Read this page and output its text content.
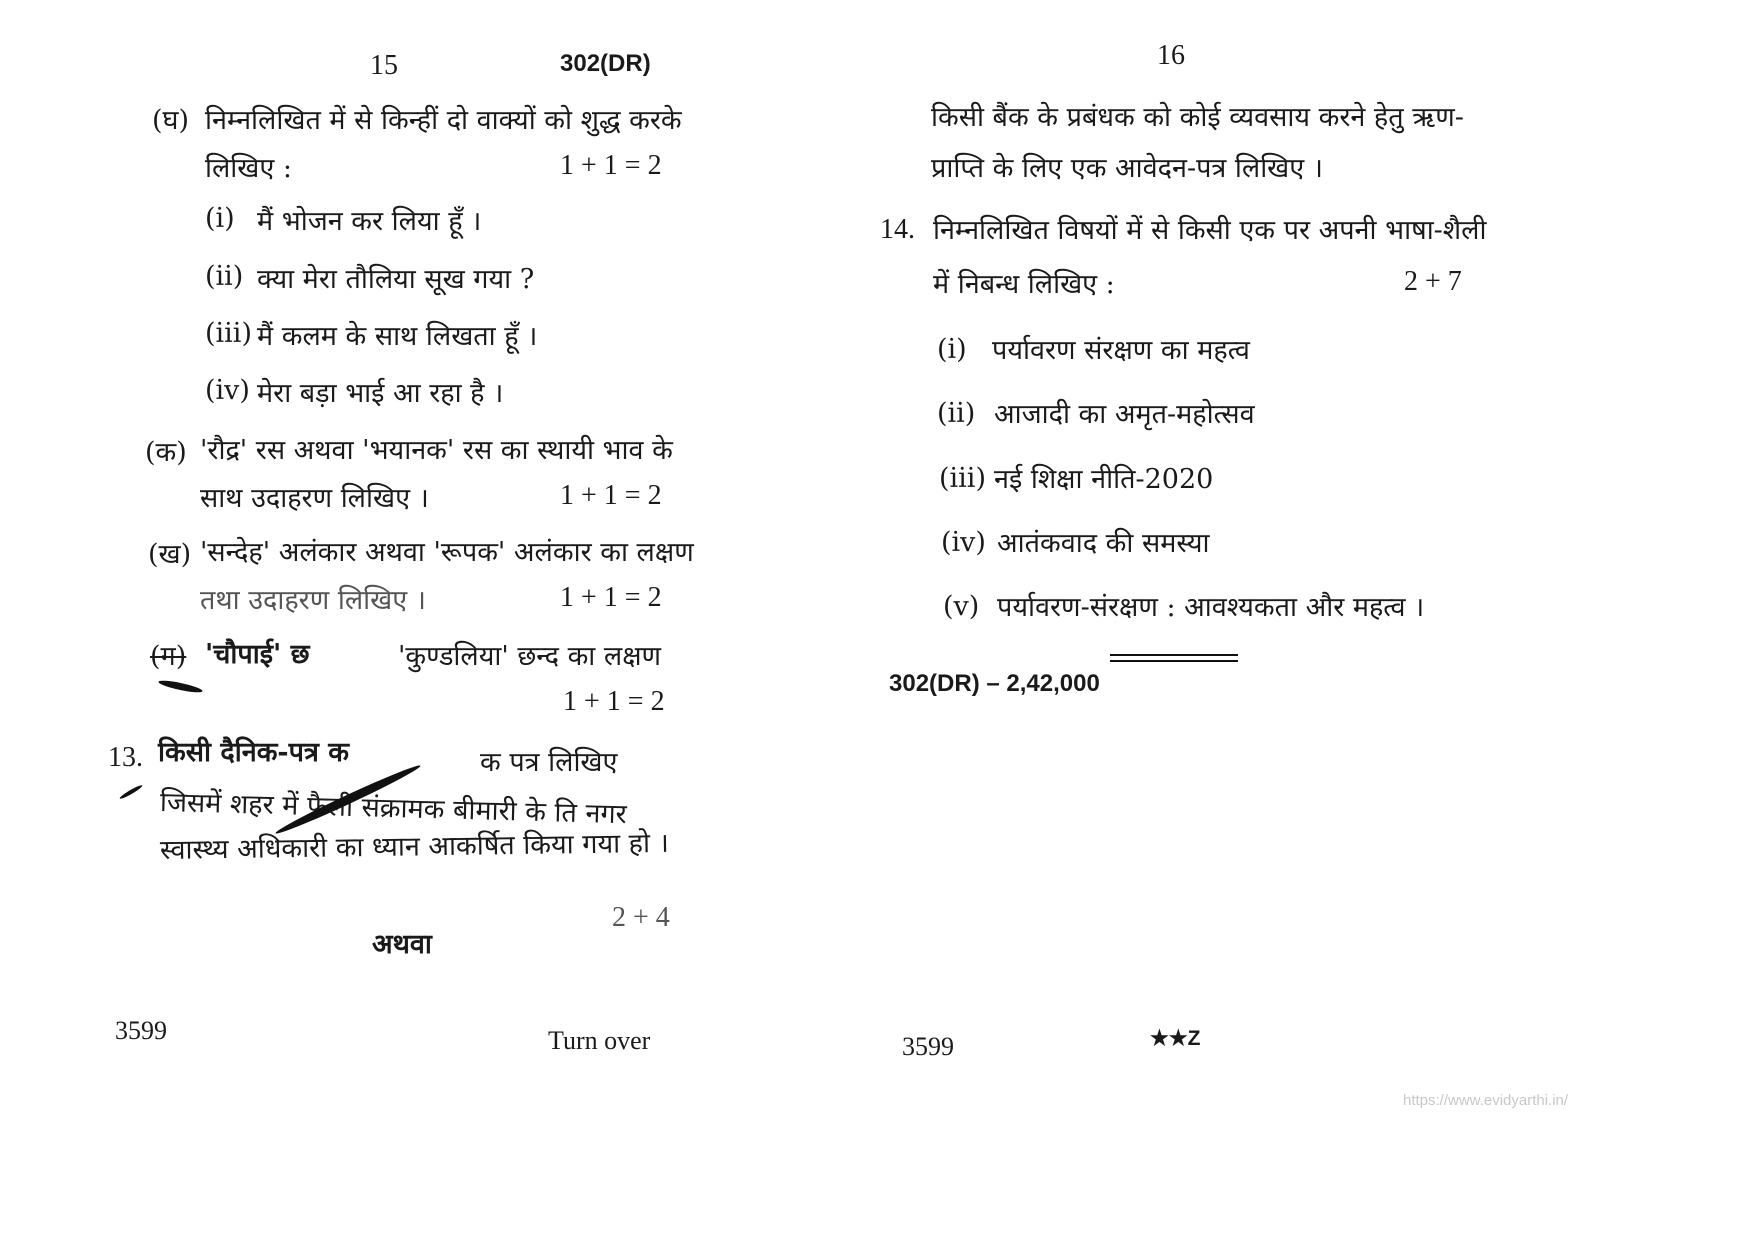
15	302(DR)
(घ) निम्नलिखित में से किन्हीं दो वाक्यों को शुद्ध करके
लिखिए :	1 + 1 = 2
(i) मैं भोजन कर लिया हूँ ।
(ii) क्या मेरा तौलिया सूख गया ?
(iii) मैं कलम के साथ लिखता हूँ ।
(iv) मेरा बड़ा भाई आ रहा है ।
(क) 'रौद्र' रस अथवा 'भयानक' रस का स्थायी भाव के
साथ उदाहरण लिखिए ।	1 + 1 = 2
(ख) 'सन्देह' अलंकार अथवा 'रूपक' अलंकार का लक्षण
तथा उदाहरण लिखिए ।	1 + 1 = 2
(ग) 'चौपाई' छ	'कुण्डलिया' छन्द का लक्षण
1 + 1 = 2
13. किसी दैनिक-पत्र क	क पत्र लिखिए
जिसमें शहर में फैली संक्रामक बीमारी के ति नगर
स्वास्थ्य अधिकारी का ध्यान आकर्षित किया गया हो ।
2 + 4
अथवा
3599	Turn over
16
किसी बैंक के प्रबंधक को कोई व्यवसाय करने हेतु ऋण-
प्राप्ति के लिए एक आवेदन-पत्र लिखिए ।
14. निम्नलिखित विषयों में से किसी एक पर अपनी भाषा-शैली
में निबन्ध लिखिए :	2 + 7
(i) पर्यावरण संरक्षण का महत्व
(ii) आजादी का अमृत-महोत्सव
(iii) नई शिक्षा नीति-2020
(iv) आतंकवाद की समस्या
(v) पर्यावरण-संरक्षण : आवश्यकता और महत्व ।
302(DR) – 2,42,000
3599	★★Z
https://www.evidyarthi.in/
